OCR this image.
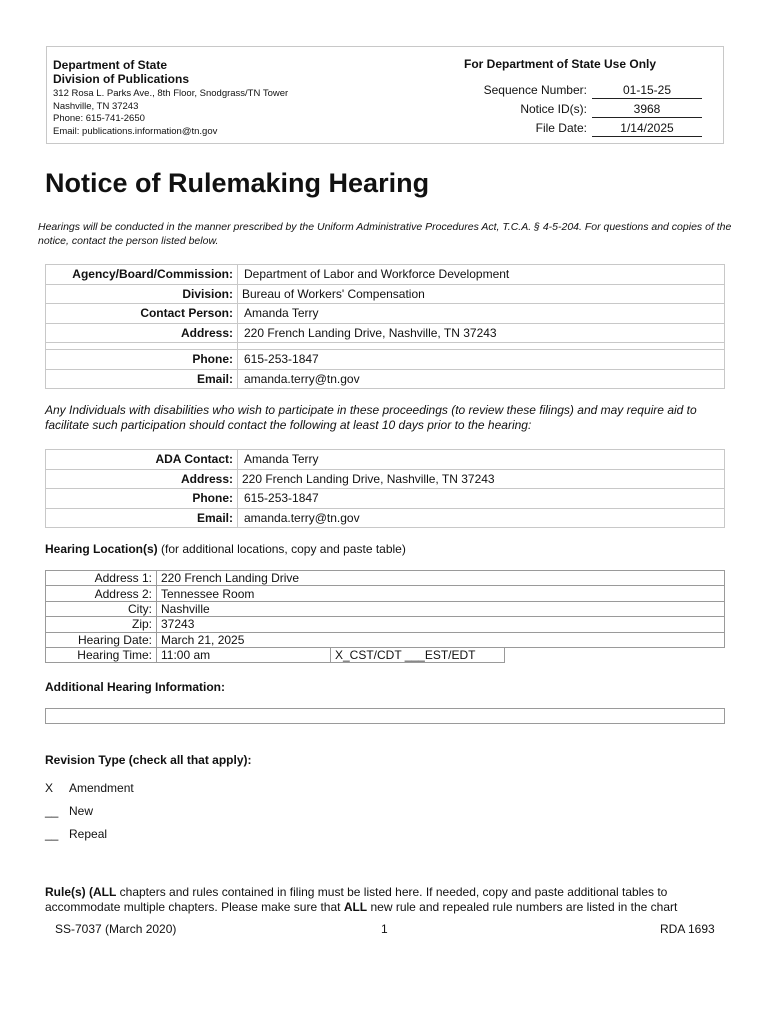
Department of State
Division of Publications
312 Rosa L. Parks Ave., 8th Floor, Snodgrass/TN Tower
Nashville, TN 37243
Phone: 615-741-2650
Email: publications.information@tn.gov
For Department of State Use Only
Sequence Number:	01-15-25
Notice ID(s):	3968
File Date:	1/14/2025
Notice of Rulemaking Hearing
Hearings will be conducted in the manner prescribed by the Uniform Administrative Procedures Act, T.C.A. § 4-5-204. For questions and copies of the notice, contact the person listed below.
Agency/Board/Commission:	Department of Labor and Workforce Development
Division:	Bureau of Workers' Compensation
Contact Person:	Amanda Terry
Address:	220 French Landing Drive, Nashville, TN 37243

Phone:	615-253-1847
Email:	amanda.terry@tn.gov
Any Individuals with disabilities who wish to participate in these proceedings (to review these filings) and may require aid to facilitate such participation should contact the following at least 10 days prior to the hearing:
ADA Contact:	Amanda Terry
Address:	220 French Landing Drive, Nashville, TN 37243
Phone:	615-253-1847
Email:	amanda.terry@tn.gov
Hearing Location(s) (for additional locations, copy and paste table)
Address 1:	220 French Landing Drive		
Address 2:	Tennessee Room		
City:	Nashville		
Zip:	37243		
Hearing Date:	March 21, 2025		
Hearing Time:	11:00 am	X_CST/CDT ___EST/EDT	
Additional Hearing Information:
Revision Type (check all that apply):
X Amendment
__ New
__ Repeal
Rule(s) (ALL chapters and rules contained in filing must be listed here. If needed, copy and paste additional tables to accommodate multiple chapters. Please make sure that ALL new rule and repealed rule numbers are listed in the chart
SS-7037 (March 2020)	1	RDA 1693
